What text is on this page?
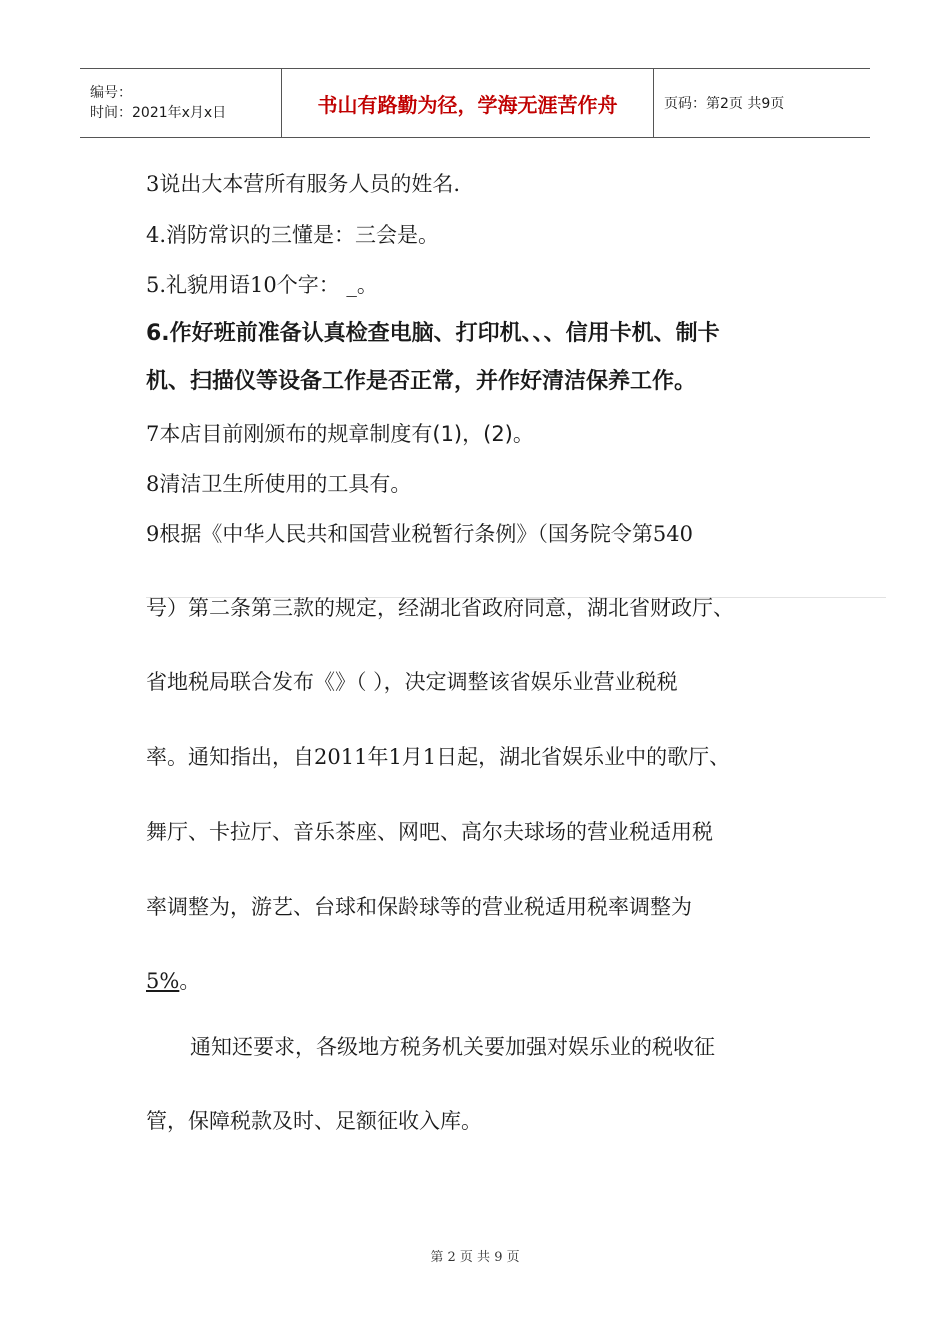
编号：
时间：2021年x月x日	书山有路勤为径，学海无涯苦作舟	页码：第2页 共9页
3说出大本营所有服务人员的姓名.
4.消防常识的三懂是：三会是。
5.礼貌用语10个字： _。
6.作好班前准备认真检查电脑、打印机、、、信用卡机、制卡
机、扫描仪等设备工作是否正常，并作好清洁保养工作。
7本店目前刚颁布的规章制度有(1)，(2)。
8清洁卫生所使用的工具有。
9根据《中华人民共和国营业税暂行条例》（国务院令第540
号）第二条第三款的规定，经湖北省政府同意，湖北省财政厅、
省地税局联合发布《》（ ），决定调整该省娱乐业营业税税
率。通知指出，自2011年1月1日起，湖北省娱乐业中的歌厅、
舞厅、卡拉厅、音乐茶座、网吧、高尔夫球场的营业税适用税
率调整为，游艺、台球和保龄球等的营业税适用税率调整为
5%。
通知还要求，各级地方税务机关要加强对娱乐业的税收征
管，保障税款及时、足额征收入库。
第 2 页 共 9 页
